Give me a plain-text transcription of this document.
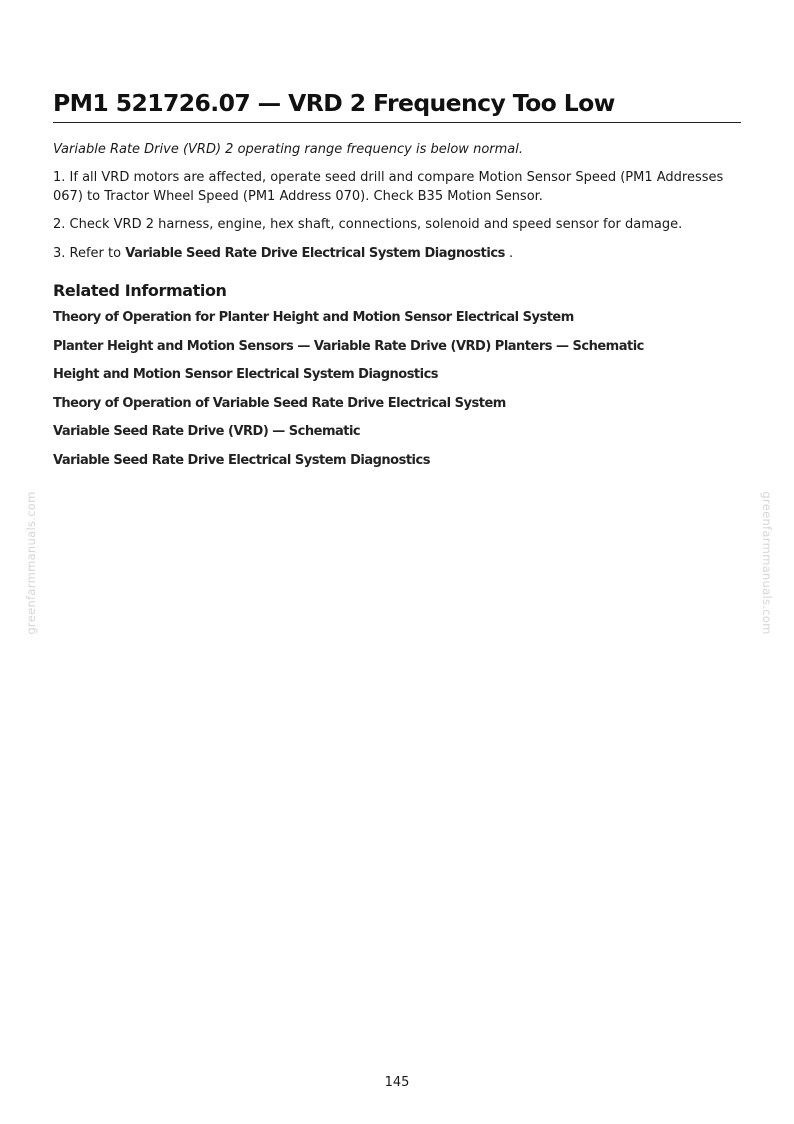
PM1 521726.07 — VRD 2 Frequency Too Low

Variable Rate Drive (VRD) 2 operating range frequency is below normal.

1. If all VRD motors are affected, operate seed drill and compare Motion Sensor Speed (PM1 Addresses 067) to Tractor Wheel Speed (PM1 Address 070). Check B35 Motion Sensor.

2. Check VRD 2 harness, engine, hex shaft, connections, solenoid and speed sensor for damage.

3. Refer to Variable Seed Rate Drive Electrical System Diagnostics .

Related Information
Theory of Operation for Planter Height and Motion Sensor Electrical System
Planter Height and Motion Sensors — Variable Rate Drive (VRD) Planters — Schematic
Height and Motion Sensor Electrical System Diagnostics
Theory of Operation of Variable Seed Rate Drive Electrical System
Variable Seed Rate Drive (VRD) — Schematic
Variable Seed Rate Drive Electrical System Diagnostics
greenfarmmanuals.com	greenfarmmanuals.com

145
